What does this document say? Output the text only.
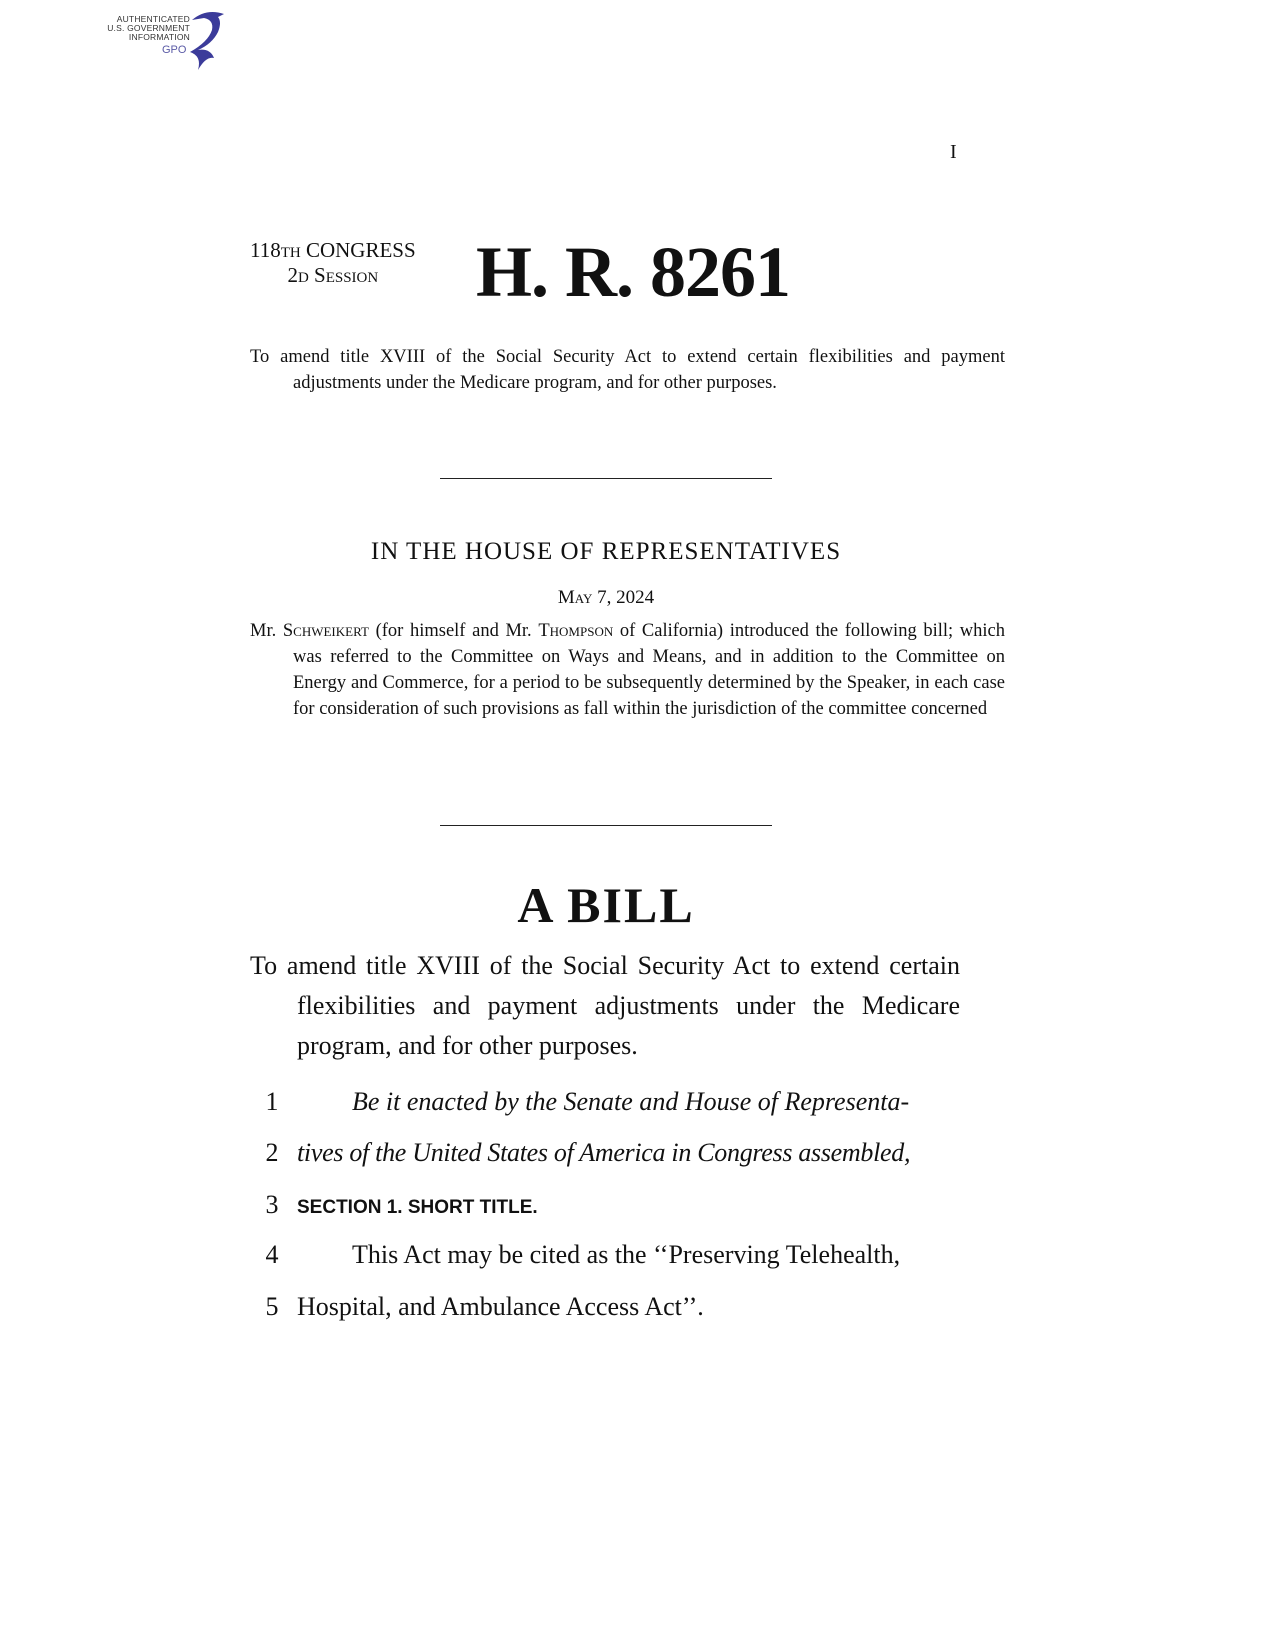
AUTHENTICATED
U.S. GOVERNMENT
INFORMATION
GPO
I
118th CONGRESS
2d Session	H. R. 8261
To amend title XVIII of the Social Security Act to extend certain flexibilities and payment adjustments under the Medicare program, and for other purposes.
IN THE HOUSE OF REPRESENTATIVES
May 7, 2024
Mr. Schweikert (for himself and Mr. Thompson of California) introduced the following bill; which was referred to the Committee on Ways and Means, and in addition to the Committee on Energy and Commerce, for a period to be subsequently determined by the Speaker, in each case for consideration of such provisions as fall within the jurisdiction of the committee concerned
A BILL
To amend title XVIII of the Social Security Act to extend certain flexibilities and payment adjustments under the Medicare program, and for other purposes.
1	Be it enacted by the Senate and House of Representa-
2 tives of the United States of America in Congress assembled,
3 SECTION 1. SHORT TITLE.
4	This Act may be cited as the ‘‘Preserving Telehealth,
5 Hospital, and Ambulance Access Act’’.
